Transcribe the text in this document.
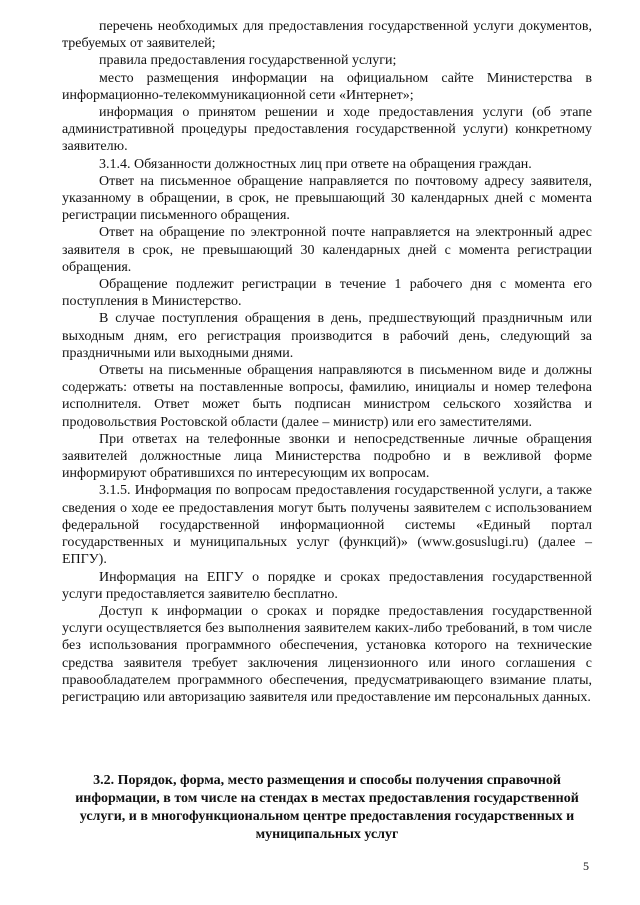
перечень необходимых для предоставления государственной услуги документов, требуемых от заявителей;

правила предоставления государственной услуги;

место размещения информации на официальном сайте Министерства в информационно-телекоммуникационной сети «Интернет»;

информация о принятом решении и ходе предоставления услуги (об этапе административной процедуры предоставления государственной услуги) конкретному заявителю.

3.1.4. Обязанности должностных лиц при ответе на обращения граждан.

Ответ на письменное обращение направляется по почтовому адресу заявителя, указанному в обращении, в срок, не превышающий 30 календарных дней с момента регистрации письменного обращения.

Ответ на обращение по электронной почте направляется на электронный адрес заявителя в срок, не превышающий 30 календарных дней с момента регистрации обращения.

Обращение подлежит регистрации в течение 1 рабочего дня с момента его поступления в Министерство.

В случае поступления обращения в день, предшествующий праздничным или выходным дням, его регистрация производится в рабочий день, следующий за праздничными или выходными днями.

Ответы на письменные обращения направляются в письменном виде и должны содержать: ответы на поставленные вопросы, фамилию, инициалы и номер телефона исполнителя. Ответ может быть подписан министром сельского хозяйства и продовольствия Ростовской области (далее – министр) или его заместителями.

При ответах на телефонные звонки и непосредственные личные обращения заявителей должностные лица Министерства подробно и в вежливой форме информируют обратившихся по интересующим их вопросам.

3.1.5. Информация по вопросам предоставления государственной услуги, а также сведения о ходе ее предоставления могут быть получены заявителем с использованием федеральной государственной информационной системы «Единый портал государственных и муниципальных услуг (функций)» (www.gosuslugi.ru) (далее – ЕПГУ).

Информация на ЕПГУ о порядке и сроках предоставления государственной услуги предоставляется заявителю бесплатно.

Доступ к информации о сроках и порядке предоставления государственной услуги осуществляется без выполнения заявителем каких-либо требований, в том числе без использования программного обеспечения, установка которого на технические средства заявителя требует заключения лицензионного или иного соглашения с правообладателем программного обеспечения, предусматривающего взимание платы, регистрацию или авторизацию заявителя или предоставление им персональных данных.

3.2. Порядок, форма, место размещения и способы получения справочной информации, в том числе на стендах в местах предоставления государственной услуги, и в многофункциональном центре предоставления государственных и муниципальных услуг
5
